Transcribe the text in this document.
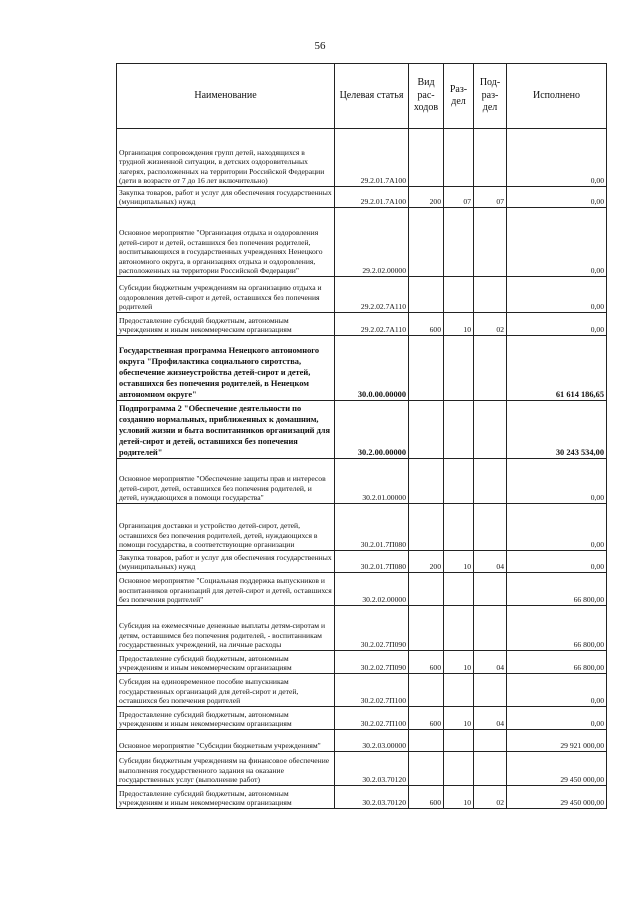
56
Наименование	Целевая статья	Вид рас- ходов	Раз- дел	Под- раз- дел	Исполнено
Организация сопровождения групп детей, находящихся в трудной жизненной ситуации, в детских оздоровительных лагерях, расположенных на территории Российской Федерации (дети в возрасте от 7 до 16 лет включительно)	29.2.01.7А100				0,00
Закупка товаров, работ и услуг для обеспечения государственных (муниципальных) нужд	29.2.01.7А100	200	07	07	0,00
Основное мероприятие "Организация отдыха и оздоровления детей-сирот и детей, оставшихся без попечения родителей, воспитывающихся в государственных учреждениях Ненецкого автономного округа, в организациях отдыха и оздоровления, расположенных на территории Российской Федерации"	29.2.02.00000				0,00
Субсидии бюджетным учреждениям на организацию отдыха и оздоровления детей-сирот и детей, оставшихся без попечения родителей	29.2.02.7А110				0,00
Предоставление субсидий бюджетным, автономным учреждениям и иным некоммерческим организациям	29.2.02.7А110	600	10	02	0,00
Государственная программа Ненецкого автономного округа "Профилактика социального сиротства, обеспечение жизнеустройства детей-сирот и детей, оставшихся без попечения родителей, в Ненецком автономном округе"	30.0.00.00000				61 614 186,65
Подпрограмма 2 "Обеспечение деятельности по созданию нормальных, приближенных к домашним, условий жизни и быта воспитанников организаций для детей-сирот и детей, оставшихся без попечения родителей"	30.2.00.00000				30 243 534,00
Основное мероприятие "Обеспечение защиты прав и интересов детей-сирот, детей, оставшихся без попечения родителей, и детей, нуждающихся в помощи государства"	30.2.01.00000				0,00
Организация доставки и устройство детей-сирот, детей, оставшихся без попечения родителей, детей, нуждающихся в помощи государства, в соответствующие организации	30.2.01.7П080				0,00
Закупка товаров, работ и услуг для обеспечения государственных (муниципальных) нужд	30.2.01.7П080	200	10	04	0,00
Основное мероприятие "Социальная поддержка выпускников и воспитанников организаций для детей-сирот и детей, оставшихся без попечения родителей"	30.2.02.00000				66 800,00
Субсидия на ежемесячные денежные выплаты детям-сиротам и детям, оставшимся без попечения родителей, - воспитанникам государственных учреждений, на личные расходы	30.2.02.7П090				66 800,00
Предоставление субсидий бюджетным, автономным учреждениям и иным некоммерческим организациям	30.2.02.7П090	600	10	04	66 800,00
Субсидия на единовременное пособие выпускникам государственных организаций для детей-сирот и детей, оставшихся без попечения родителей	30.2.02.7П100				0,00
Предоставление субсидий бюджетным, автономным учреждениям и иным некоммерческим организациям	30.2.02.7П100	600	10	04	0,00
Основное мероприятие "Субсидии бюджетным учреждениям"	30.2.03.00000				29 921 000,00
Субсидии бюджетным учреждениям на финансовое обеспечение выполнения государственного задания на оказание государственных услуг (выполнение работ)	30.2.03.70120				29 450 000,00
Предоставление субсидий бюджетным, автономным учреждениям и иным некоммерческим организациям	30.2.03.70120	600	10	02	29 450 000,00
